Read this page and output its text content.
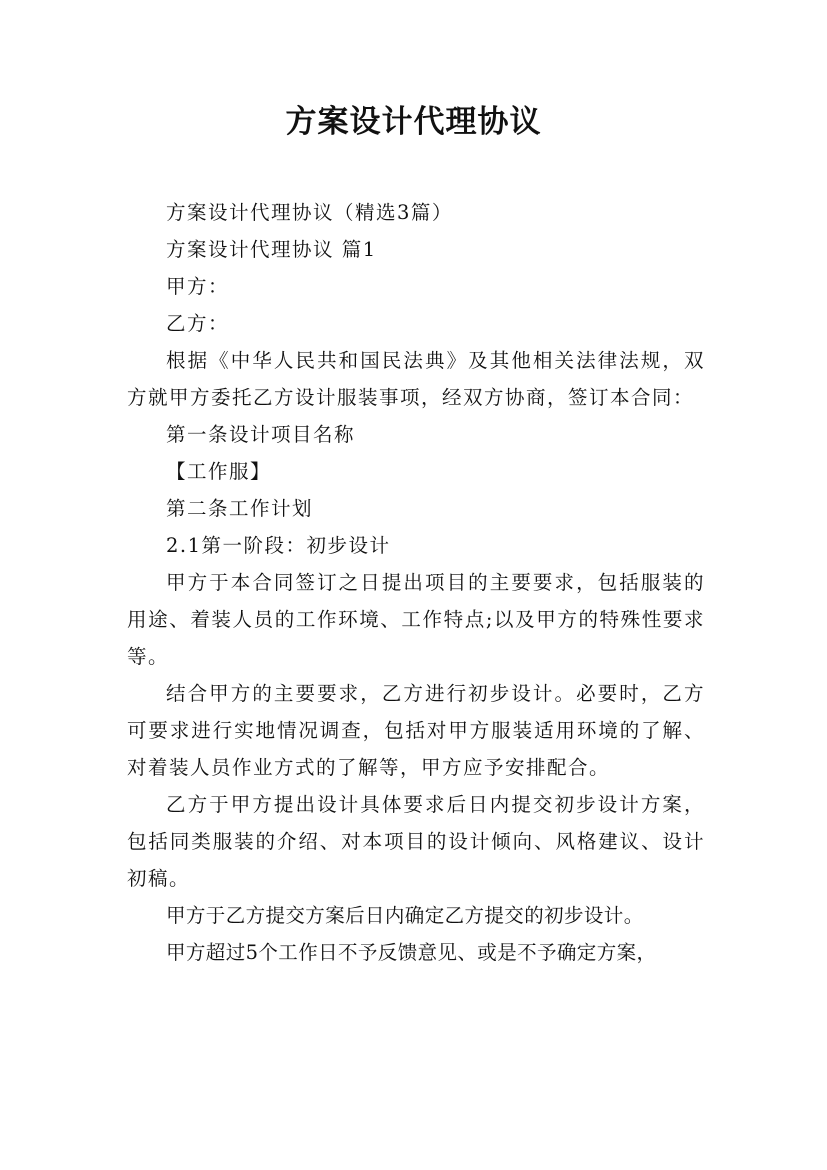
方案设计代理协议

方案设计代理协议（精选3篇）

方案设计代理协议 篇1

甲方：

乙方：

根据《中华人民共和国民法典》及其他相关法律法规，双方就甲方委托乙方设计服装事项，经双方协商，签订本合同：

第一条设计项目名称

【工作服】

第二条工作计划

2.1第一阶段：初步设计

甲方于本合同签订之日提出项目的主要要求，包括服装的用途、着装人员的工作环境、工作特点;以及甲方的特殊性要求等。

结合甲方的主要要求，乙方进行初步设计。必要时，乙方可要求进行实地情况调查，包括对甲方服装适用环境的了解、对着装人员作业方式的了解等，甲方应予安排配合。

乙方于甲方提出设计具体要求后日内提交初步设计方案，包括同类服装的介绍、对本项目的设计倾向、风格建议、设计初稿。

甲方于乙方提交方案后日内确定乙方提交的初步设计。

甲方超过5个工作日不予反馈意见、或是不予确定方案，
